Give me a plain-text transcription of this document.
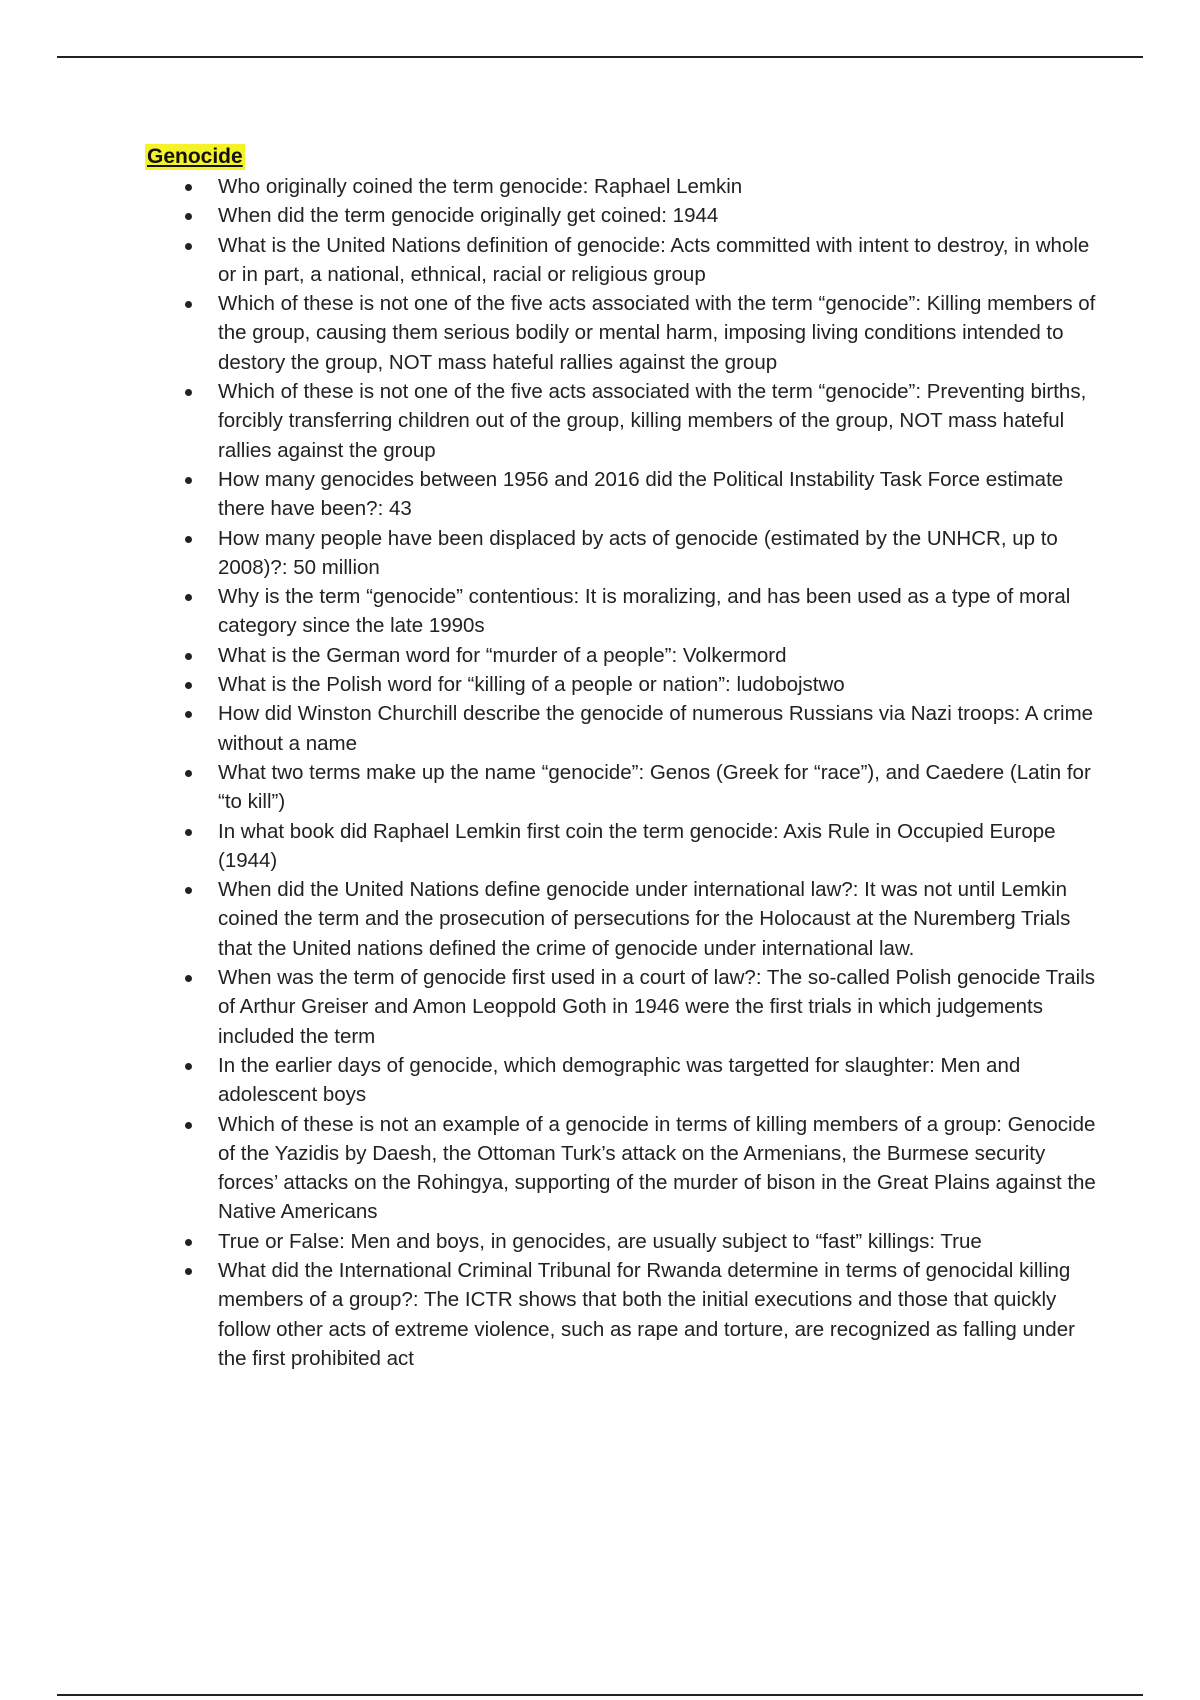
Genocide
Who originally coined the term genocide: Raphael Lemkin
When did the term genocide originally get coined: 1944
What is the United Nations definition of genocide: Acts committed with intent to destroy, in whole or in part, a national, ethnical, racial or religious group
Which of these is not one of the five acts associated with the term “genocide”: Killing members of the group, causing them serious bodily or mental harm, imposing living conditions intended to destory the group, NOT mass hateful rallies against the group
Which of these is not one of the five acts associated with the term “genocide”: Preventing births, forcibly transferring children out of the group, killing members of the group, NOT mass hateful rallies against the group
How many genocides between 1956 and 2016 did the Political Instability Task Force estimate there have been?: 43
How many people have been displaced by acts of genocide (estimated by the UNHCR, up to 2008)?: 50 million
Why is the term “genocide” contentious: It is moralizing, and has been used as a type of moral category since the late 1990s
What is the German word for “murder of a people”: Volkermord
What is the Polish word for “killing of a people or nation”: ludobojstwo
How did Winston Churchill describe the genocide of numerous Russians via Nazi troops: A crime without a name
What two terms make up the name “genocide”: Genos (Greek for “race”), and Caedere (Latin for “to kill”)
In what book did Raphael Lemkin first coin the term genocide: Axis Rule in Occupied Europe (1944)
When did the United Nations define genocide under international law?: It was not until Lemkin coined the term and the prosecution of persecutions for the Holocaust at the Nuremberg Trials that the United nations defined the crime of genocide under international law.
When was the term of genocide first used in a court of law?: The so-called Polish genocide Trails of Arthur Greiser and Amon Leoppold Goth in 1946 were the first trials in which judgements included the term
In the earlier days of genocide, which demographic was targetted for slaughter: Men and adolescent boys
Which of these is not an example of a genocide in terms of killing members of a group: Genocide of the Yazidis by Daesh, the Ottoman Turk’s attack on the Armenians, the Burmese security forces’ attacks on the Rohingya, supporting of the murder of bison in the Great Plains against the Native Americans
True or False: Men and boys, in genocides, are usually subject to “fast” killings: True
What did the International Criminal Tribunal for Rwanda determine in terms of genocidal killing members of a group?: The ICTR shows that both the initial executions and those that quickly follow other acts of extreme violence, such as rape and torture, are recognized as falling under the first prohibited act
